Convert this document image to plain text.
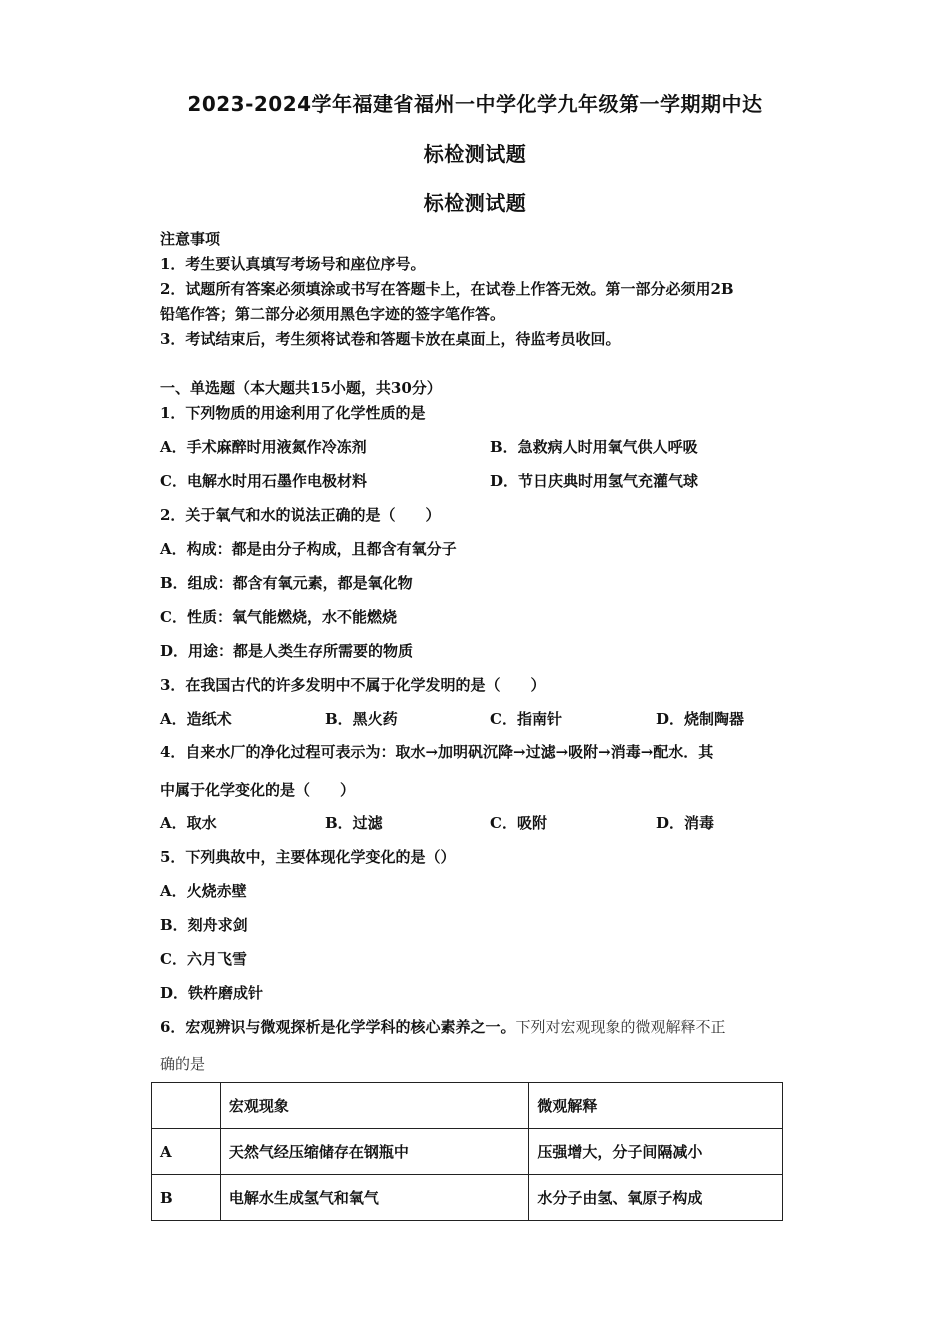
2023-2024学年福建省福州一中学化学九年级第一学期期中达
标检测试题
标检测试题
注意事项
1．考生要认真填写考场号和座位序号。
2．试题所有答案必须填涂或书写在答题卡上，在试卷上作答无效。第一部分必须用2B
铅笔作答；第二部分必须用黑色字迹的签字笔作答。
3．考试结束后，考生须将试卷和答题卡放在桌面上，待监考员收回。
一、单选题（本大题共15小题，共30分）
1．下列物质的用途利用了化学性质的是
A．手术麻醉时用液氮作冷冻剂	B．急救病人时用氧气供人呼吸
C．电解水时用石墨作电极材料	D．节日庆典时用氢气充灌气球
2．关于氧气和水的说法正确的是（　　）
A．构成：都是由分子构成，且都含有氧分子
B．组成：都含有氧元素，都是氧化物
C．性质：氧气能燃烧，水不能燃烧
D．用途：都是人类生存所需要的物质
3．在我国古代的许多发明中不属于化学发明的是（　　）
A．造纸术	B．黑火药	C．指南针	D．烧制陶器
4．自来水厂的净化过程可表示为：取水→加明矾沉降→过滤→吸附→消毒→配水．其
中属于化学变化的是（　　）
A．取水	B．过滤	C．吸附	D．消毒
5．下列典故中，主要体现化学变化的是（）
A．火烧赤壁
B．刻舟求剑
C．六月飞雪
D．铁杵磨成针
6．宏观辨识与微观探析是化学学科的核心素养之一。下列对宏观现象的微观解释不正
确的是
	宏观现象	微观解释
A	天然气经压缩储存在钢瓶中	压强增大，分子间隔减小
B	电解水生成氢气和氧气	水分子由氢、氧原子构成
